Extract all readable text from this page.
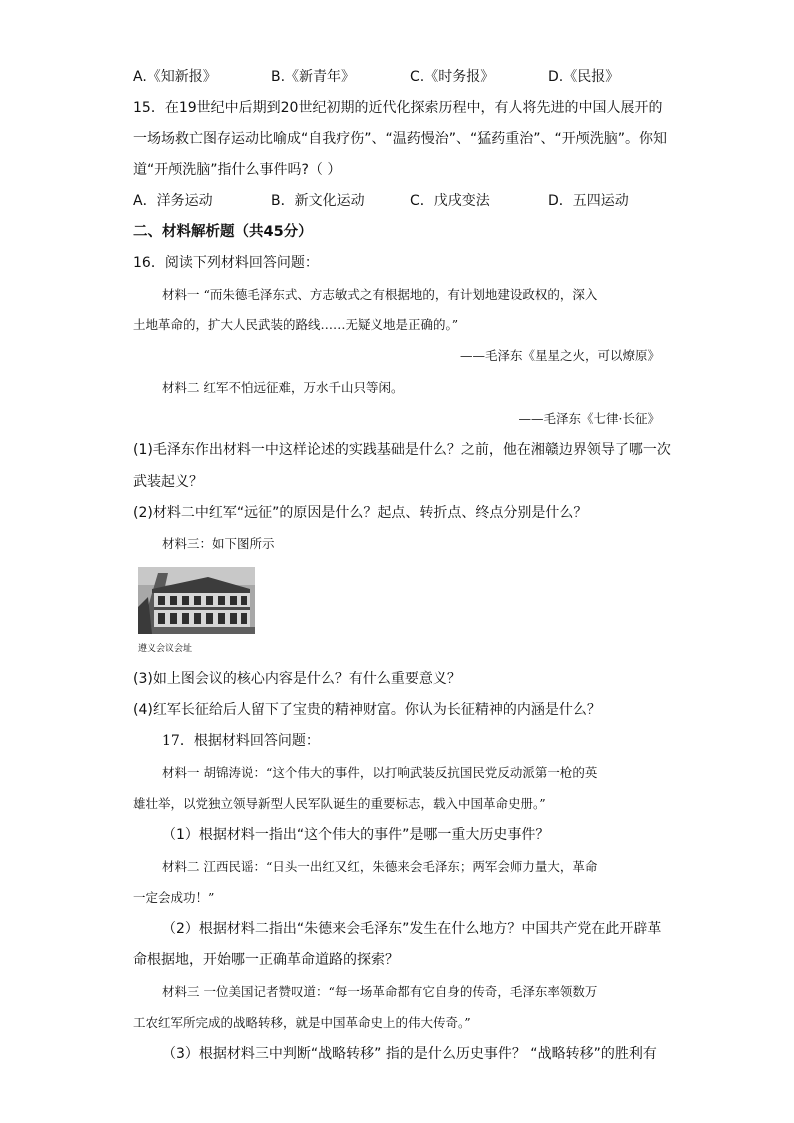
A.《知新报》	B.《新青年》	C.《时务报》	D.《民报》
15．在19世纪中后期到20世纪初期的近代化探索历程中，有人将先进的中国人展开的
一场场救亡图存运动比喻成“自我疗伤”、“温药慢治”、“猛药重治”、“开颅洗脑”。你知
道“开颅洗脑”指什么事件吗?（ ）
A．洋务运动	B．新文化运动	C．戊戌变法	D．五四运动
二、材料解析题（共45分）
16．阅读下列材料回答问题：
材料一 “而朱德毛泽东式、方志敏式之有根据地的，有计划地建设政权的，深入
土地革命的，扩大人民武装的路线……无疑义地是正确的。”
——毛泽东《星星之火，可以燎原》
材料二 红军不怕远征难，万水千山只等闲。
——毛泽东《七律·长征》
(1)毛泽东作出材料一中这样论述的实践基础是什么？之前，他在湘赣边界领导了哪一次
武装起义？
(2)材料二中红军“远征”的原因是什么？起点、转折点、终点分别是什么？
材料三：如下图所示
遵义会议会址
(3)如上图会议的核心内容是什么？有什么重要意义？
(4)红军长征给后人留下了宝贵的精神财富。你认为长征精神的内涵是什么？
17．根据材料回答问题：
材料一 胡锦涛说：“这个伟大的事件，以打响武装反抗国民党反动派第一枪的英
雄壮举，以党独立领导新型人民军队诞生的重要标志，载入中国革命史册。”
（1）根据材料一指出“这个伟大的事件”是哪一重大历史事件？
材料二 江西民谣：“日头一出红又红，朱德来会毛泽东；两军会师力量大，革命
一定会成功！”
（2）根据材料二指出“朱德来会毛泽东”发生在什么地方？中国共产党在此开辟革
命根据地，开始哪一正确革命道路的探索？
材料三 一位美国记者赞叹道：“每一场革命都有它自身的传奇，毛泽东率领数万
工农红军所完成的战略转移，就是中国革命史上的伟大传奇。”
（3）根据材料三中判断“战略转移” 指的是什么历史事件？ “战略转移”的胜利有
